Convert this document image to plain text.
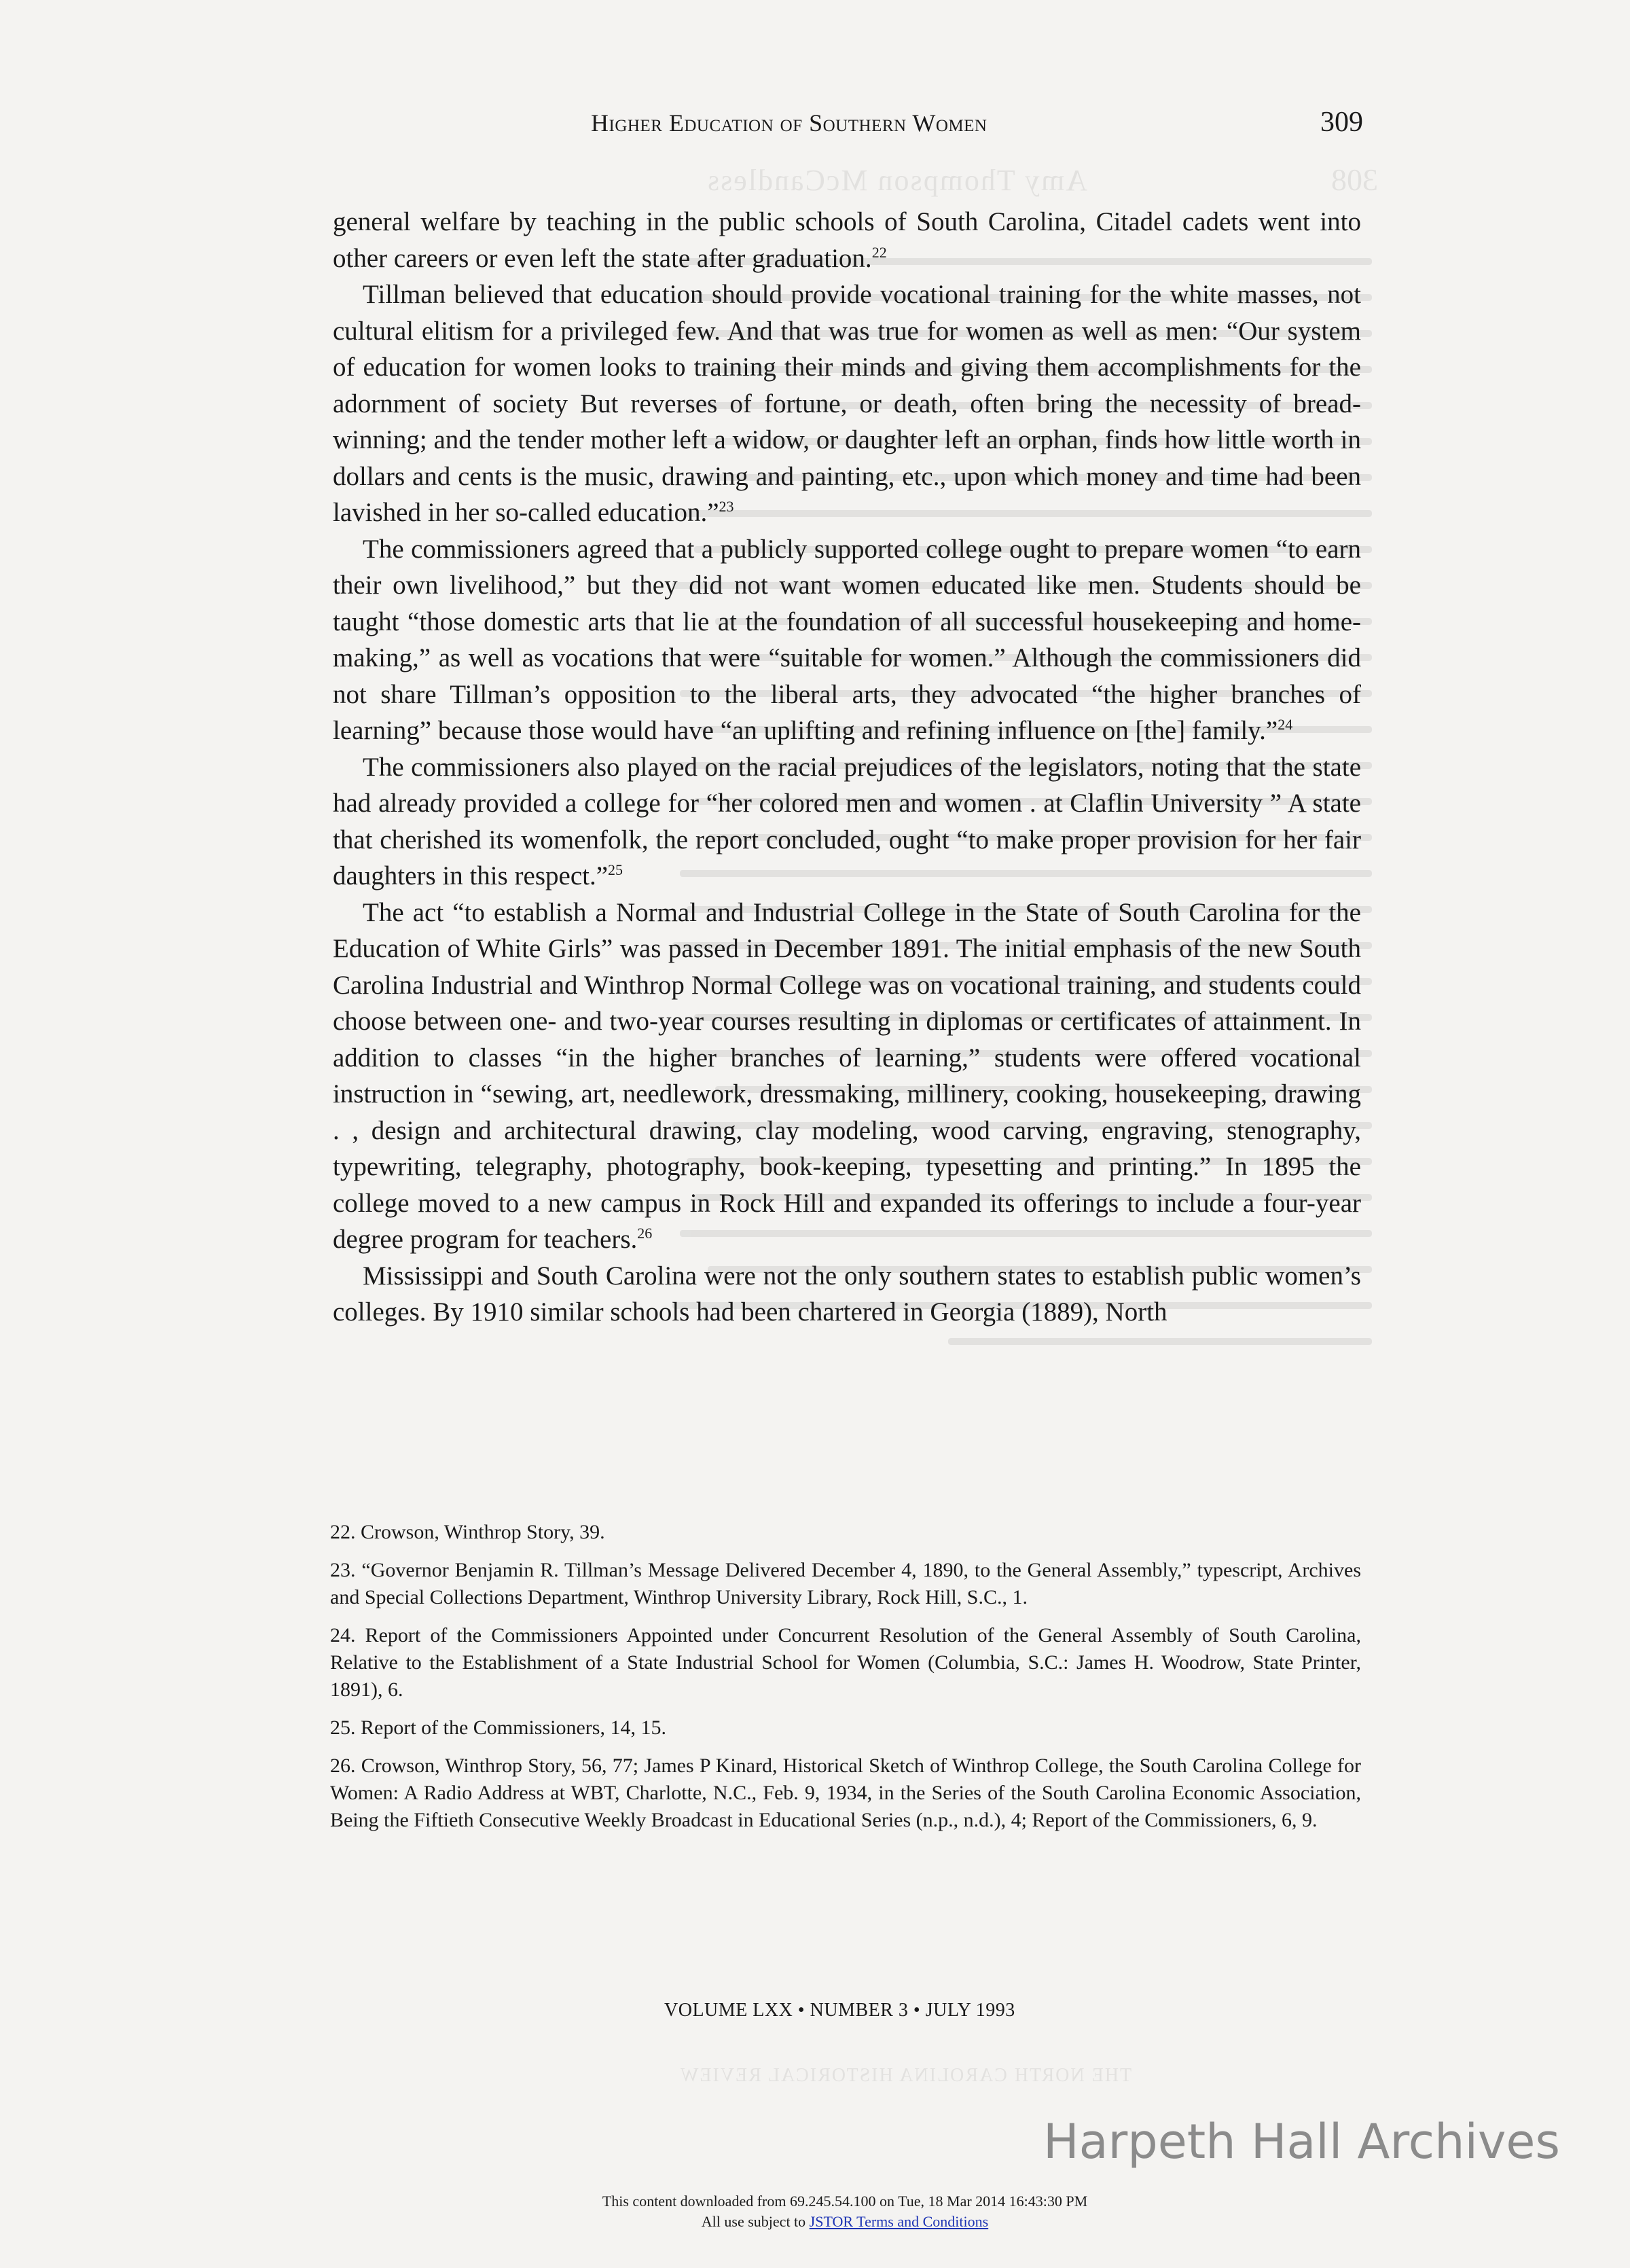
Amy Thompson McCandless	308
THE NORTH CAROLINA HISTORICAL REVIEW
Higher Education of Southern Women	309

general welfare by teaching in the public schools of South Carolina, Citadel cadets went into other careers or even left the state after graduation.$^{22}$

Tillman believed that education should provide vocational training for the white masses, not cultural elitism for a privileged few. And that was true for women as well as men: “Our system of education for women looks to training their minds and giving them accomplishments for the adornment of society But reverses of fortune, or death, often bring the necessity of bread-winning; and the tender mother left a widow, or daughter left an orphan, finds how little worth in dollars and cents is the music, drawing and painting, etc., upon which money and time had been lavished in her so-called education.”$^{23}$

The commissioners agreed that a publicly supported college ought to prepare women “to earn their own livelihood,” but they did not want women educated like men. Students should be taught “those domestic arts that lie at the foundation of all successful housekeeping and home-making,” as well as vocations that were “suitable for women.” Although the commissioners did not share Tillman’s opposition to the liberal arts, they advocated “the higher branches of learning” because those would have “an uplifting and refining influence on [the] family.”$^{24}$

The commissioners also played on the racial prejudices of the legislators, noting that the state had already provided a college for “her colored men and women . at Claflin University ” A state that cherished its womenfolk, the report concluded, ought “to make proper provision for her fair daughters in this respect.”$^{25}$

The act “to establish a Normal and Industrial College in the State of South Carolina for the Education of White Girls” was passed in December 1891. The initial emphasis of the new South Carolina Industrial and Winthrop Normal College was on vocational training, and students could choose between one- and two-year courses resulting in diplomas or certificates of attainment. In addition to classes “in the higher branches of learning,” students were offered vocational instruction in “sewing, art, needlework, dressmaking, millinery, cooking, housekeeping, drawing . , design and architectural drawing, clay modeling, wood carving, engraving, stenography, typewriting, telegraphy, photography, book-keeping, typesetting and printing.” In 1895 the college moved to a new campus in Rock Hill and expanded its offerings to include a four-year degree program for teachers.$^{26}$

Mississippi and South Carolina were not the only southern states to establish public women’s colleges. By 1910 similar schools had been chartered in Georgia (1889), North

22. Crowson, Winthrop Story, 39.

23. “Governor Benjamin R. Tillman’s Message Delivered December 4, 1890, to the General Assembly,” typescript, Archives and Special Collections Department, Winthrop University Library, Rock Hill, S.C., 1.

24. Report of the Commissioners Appointed under Concurrent Resolution of the General Assembly of South Carolina, Relative to the Establishment of a State Industrial School for Women (Columbia, S.C.: James H. Woodrow, State Printer, 1891), 6.

25. Report of the Commissioners, 14, 15.

26. Crowson, Winthrop Story, 56, 77; James P Kinard, Historical Sketch of Winthrop College, the South Carolina College for Women: A Radio Address at WBT, Charlotte, N.C., Feb. 9, 1934, in the Series of the South Carolina Economic Association, Being the Fiftieth Consecutive Weekly Broadcast in Educational Series (n.p., n.d.), 4; Report of the Commissioners, 6, 9.

VOLUME LXX • NUMBER 3 • JULY 1993
Harpeth Hall Archives
This content downloaded from 69.245.54.100 on Tue, 18 Mar 2014 16:43:30 PM
All use subject to JSTOR Terms and Conditions
